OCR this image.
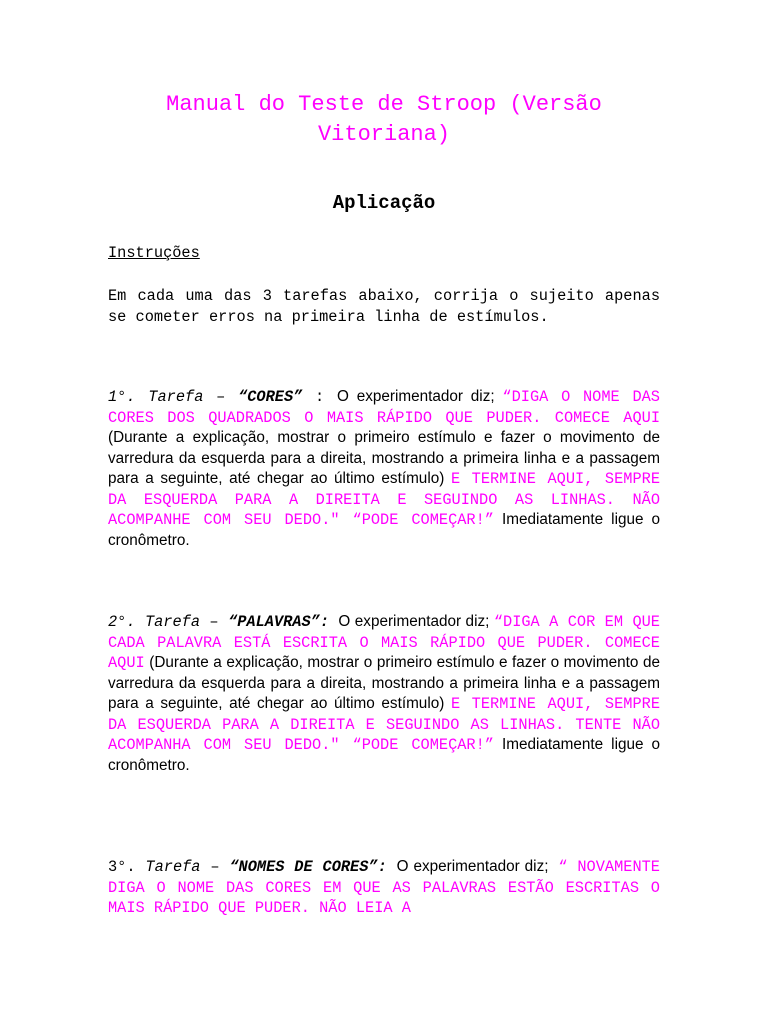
Manual do Teste de Stroop (Versão Vitoriana)
Aplicação

Instruções

Em cada uma das 3 tarefas abaixo, corrija o sujeito apenas se cometer erros na primeira linha de estímulos.

1°. Tarefa – “CORES” : O experimentador diz; “DIGA O NOME DAS CORES DOS QUADRADOS O MAIS RÁPIDO QUE PUDER. COMECE AQUI (Durante a explicação, mostrar o primeiro estímulo e fazer o movimento de varredura da esquerda para a direita, mostrando a primeira linha e a passagem para a seguinte, até chegar ao último estímulo) E TERMINE AQUI, SEMPRE DA ESQUERDA PARA A DIREITA E SEGUINDO AS LINHAS. NÃO ACOMPANHE COM SEU DEDO." “PODE COMEÇAR!” Imediatamente ligue o cronômetro.

2°. Tarefa – “PALAVRAS”: O experimentador diz; “DIGA A COR EM QUE CADA PALAVRA ESTÁ ESCRITA O MAIS RÁPIDO QUE PUDER. COMECE AQUI (Durante a explicação, mostrar o primeiro estímulo e fazer o movimento de varredura da esquerda para a direita, mostrando a primeira linha e a passagem para a seguinte, até chegar ao último estímulo) E TERMINE AQUI, SEMPRE DA ESQUERDA PARA A DIREITA E SEGUINDO AS LINHAS. TENTE NÃO ACOMPANHA COM SEU DEDO." “PODE COMEÇAR!” Imediatamente ligue o cronômetro.

3°. Tarefa – “NOMES DE CORES”: O experimentador diz; “ NOVAMENTE DIGA O NOME DAS CORES EM QUE AS PALAVRAS ESTÃO ESCRITAS O MAIS RÁPIDO QUE PUDER. NÃO LEIA A
